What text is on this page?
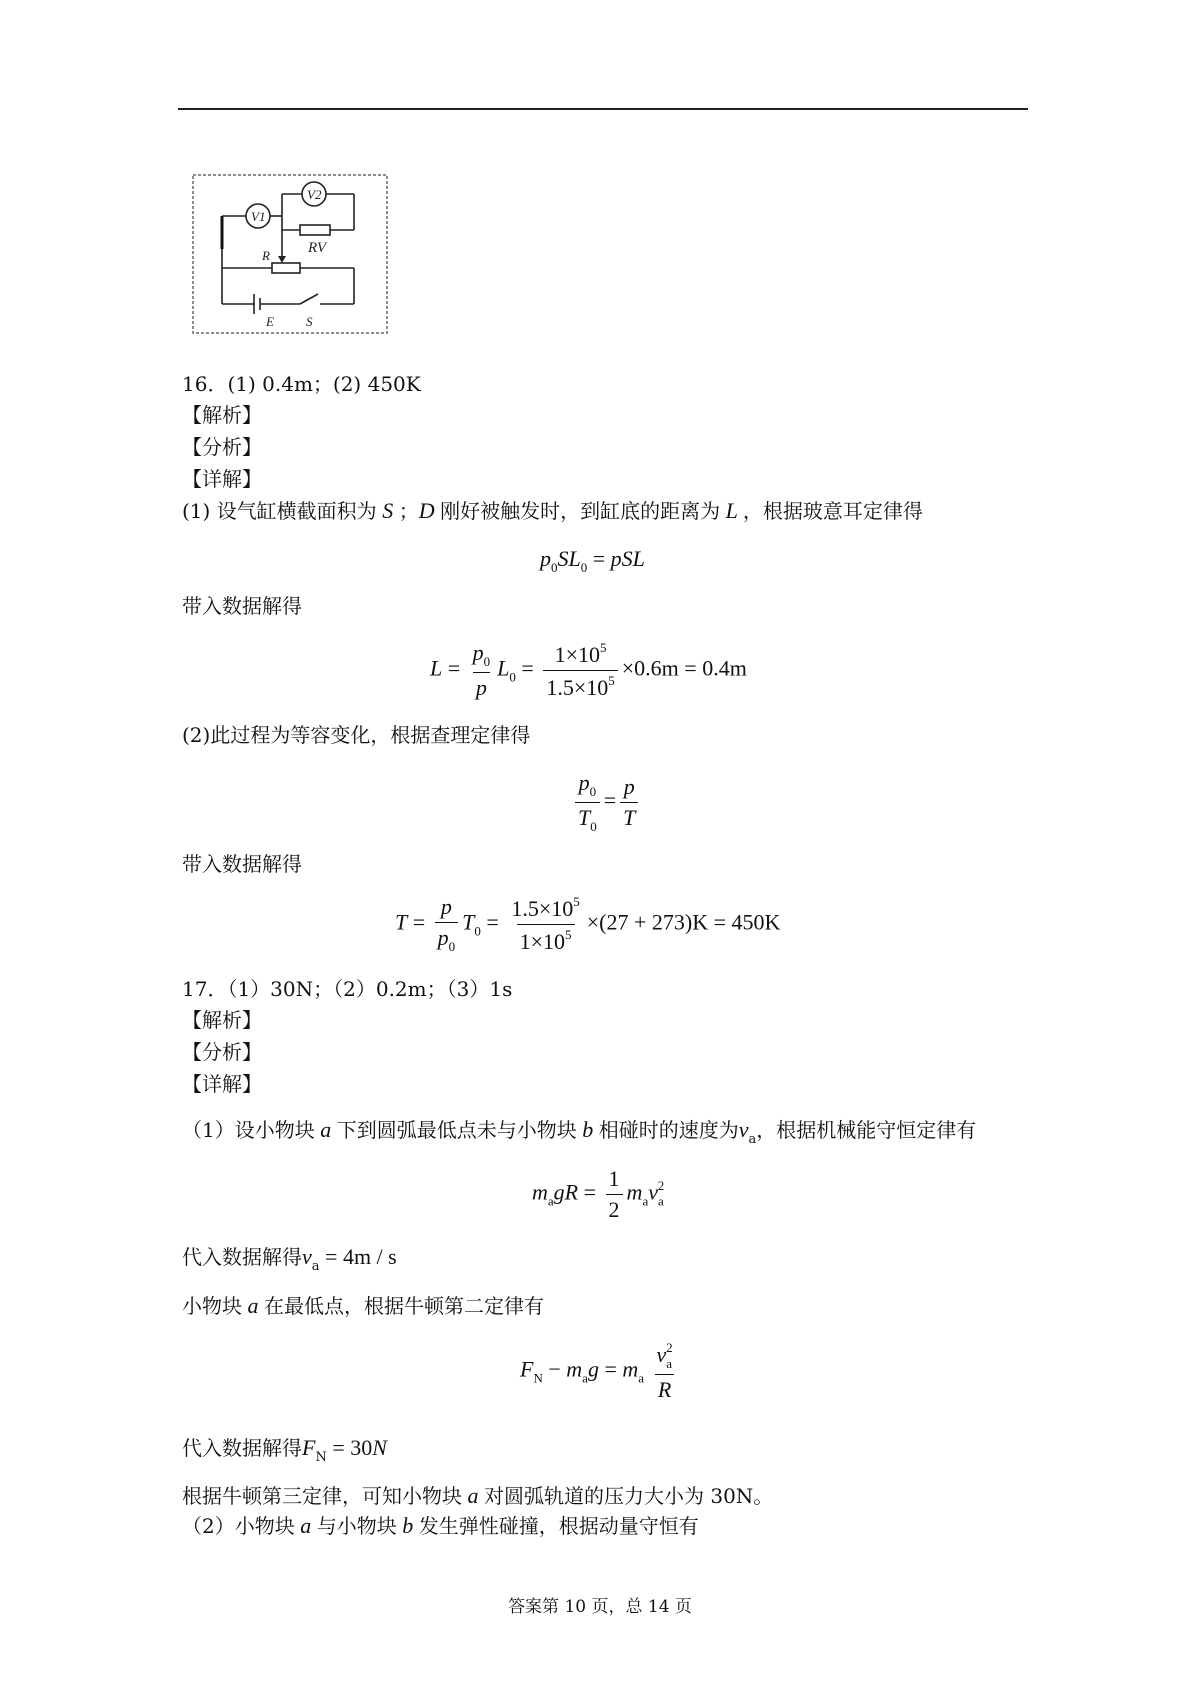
V1
V2
RV
R
E S
16．(1) 0.4m；(2) 450K
【解析】
【分析】
【详解】
(1) 设气缸横截面积为 S ；D 刚好被触发时，到缸底的距离为 L ，根据玻意耳定律得
$p_0SL_0$ = pSL
带入数据解得
$L = \frac{p_0}{p} L_0 = \frac{1\times 10^5}{1.5\times 10^5} \times 0.6m = 0.4m$
(2)此过程为等容变化，根据查理定律得
$\frac{p_0}{T_0} = \frac{p}{T}$
带入数据解得
$T = \frac{p}{p_0} T_0 = \frac{1.5\times 10^5}{1\times 10^5} \times(27 + 273)K = 450K$
17．（1）30N；（2）0.2m；（3）1s
【解析】
【分析】
【详解】
（1）设小物块 a 下到圆弧最低点未与小物块 b 相碰时的速度为$v_a$，根据机械能守恒定律有
$m_agR = \frac{1}{2} m_av_a^2$
代入数据解得$v_a = 4m / s$
小物块 a 在最低点，根据牛顿第二定律有
$F_N - m_ag = m_a \frac{v_a^2}{R}$
代入数据解得$F_N = 30N$
根据牛顿第三定律，可知小物块 a 对圆弧轨道的压力大小为 30N。
（2）小物块 a 与小物块 b 发生弹性碰撞，根据动量守恒有
答案第 10 页，总 14 页
